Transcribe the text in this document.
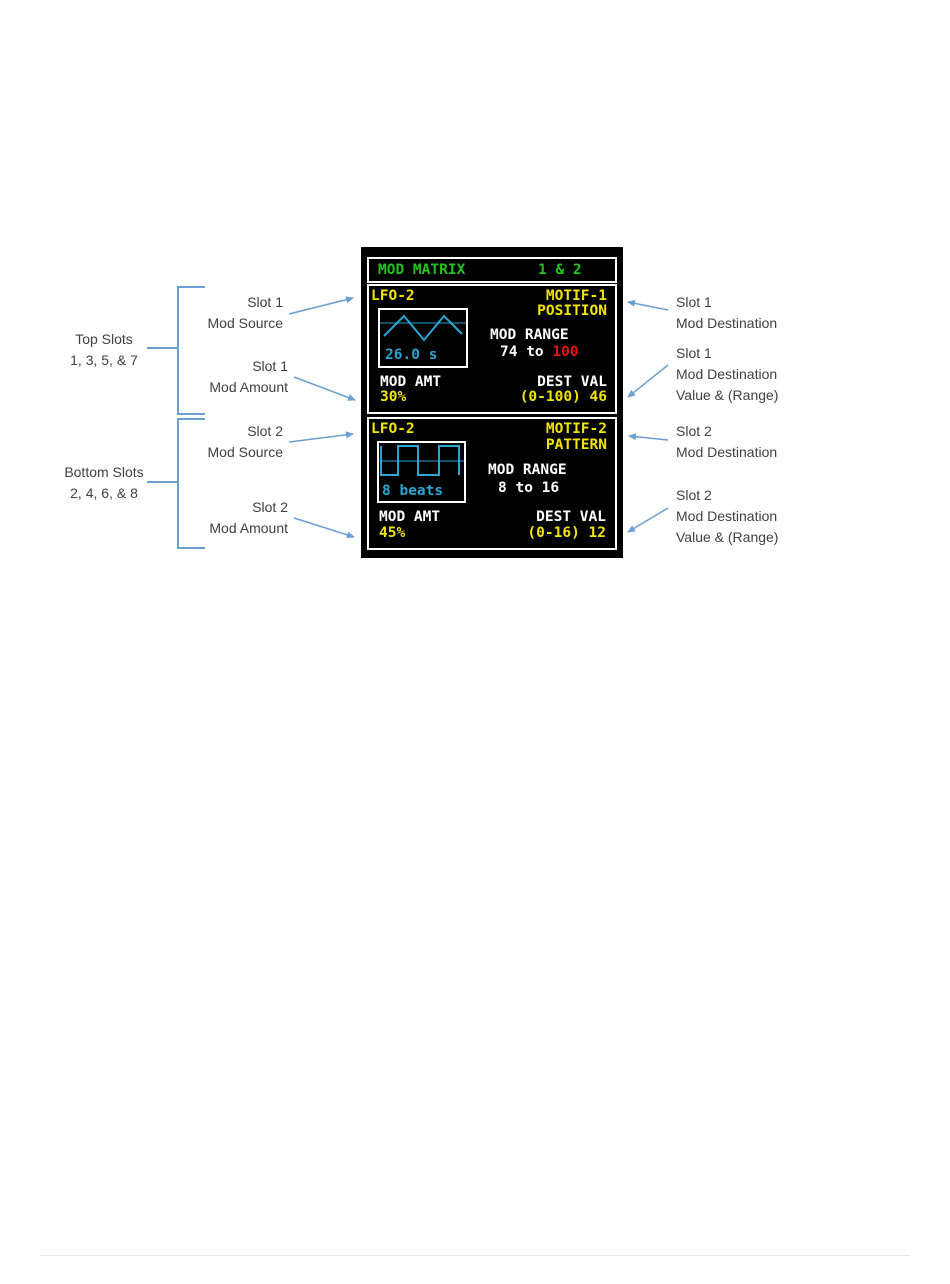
Top Slots
1, 3, 5, & 7
Bottom Slots
2, 4, 6, & 8
Slot 1
Mod Source
Slot 1
Mod Amount
Slot 2
Mod Source
Slot 2
Mod Amount
Slot 1
Mod Destination
Slot 1
Mod Destination
Value & (Range)
Slot 2
Mod Destination
Slot 2
Mod Destination
Value & (Range)
MOD MATRIX	1 & 2
LFO-2	MOTIF-1
POSITION
26.0 s
MOD RANGE
74 to 100
MOD AMT
30%
DEST VAL
(0-100) 46
LFO-2	MOTIF-2
PATTERN
8 beats
MOD RANGE
8 to 16
MOD AMT
45%
DEST VAL
(0-16) 12
